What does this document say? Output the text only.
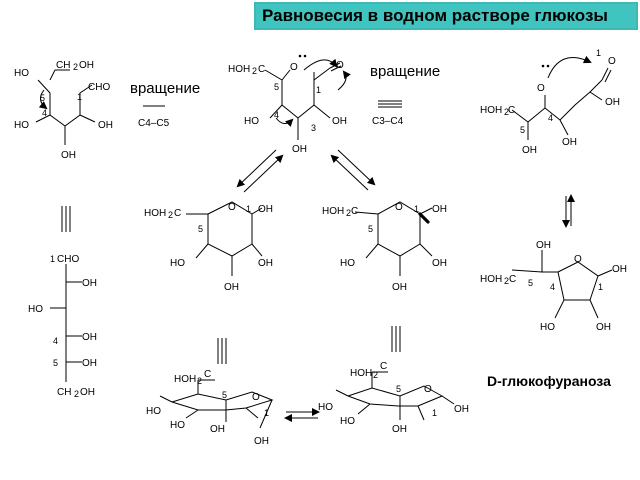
Равновесия в водном растворе глюкозы
вращение
вращение
D-глюкофураноза
HO
CH 2 OH
CHO
HO	OH
OH
5
4
1
C4–C5
HOH 2 C O	O
HO	OH
OH
5
4
3
1
C3–C4
HOH 2
C
O
O
OH
OH
OH
5
4
1
1 CHO
OH
HO
OH
4
OH
5
CH 2 OH
HOH 2 C
O OH
HO	OH
OH
5
1	HOH 2 C	O	OH
HO	OH
OH
5
1
OH
HOH 2 C
O
OH
HO	OH
5 4	1
HOH 2
C
HO
HO	OH
O
OH
5
1
HOH 2
C
HO
HO
OH
O
OH
5
1
